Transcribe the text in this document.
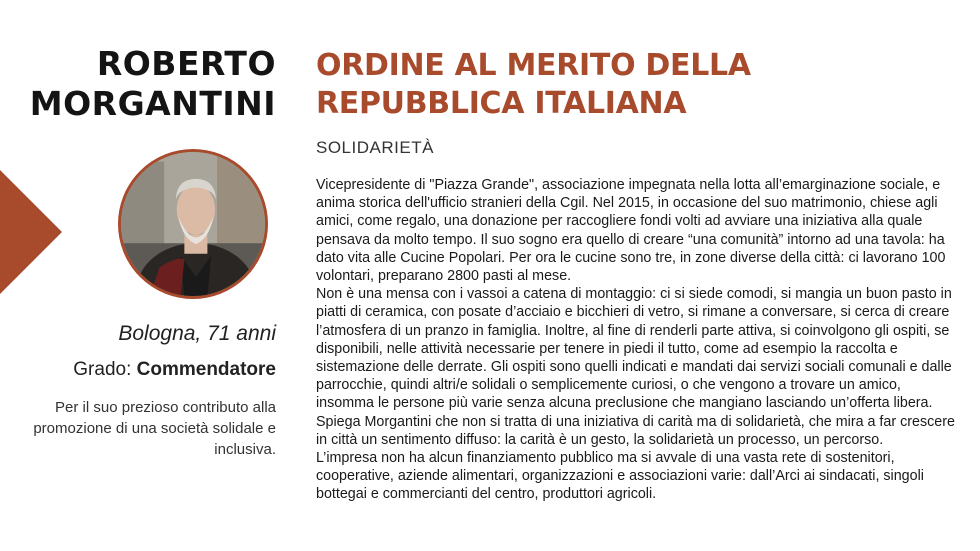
ROBERTO
MORGANTINI
Bologna, 71 anni
Grado: Commendatore
Per il suo prezioso contributo alla promozione di una società solidale e inclusiva.
ORDINE AL MERITO DELLA REPUBBLICA ITALIANA
SOLIDARIETÀ

Vicepresidente di "Piazza Grande", associazione impegnata nella lotta all’emarginazione sociale, e anima storica dell'ufficio stranieri della Cgil. Nel 2015, in occasione del suo matrimonio, chiese agli amici, come regalo, una donazione per raccogliere fondi volti ad avviare una iniziativa alla quale pensava da molto tempo. Il suo sogno era quello di creare “una comunità” intorno ad una tavola: ha dato vita alle Cucine Popolari. Per ora le cucine sono tre, in zone diverse della città: ci lavorano 100 volontari, preparano 2800 pasti al mese.

Non è una mensa con i vassoi a catena di montaggio: ci si siede comodi, si mangia un buon pasto in piatti di ceramica, con posate d’acciaio e bicchieri di vetro, si rimane a conversare, si cerca di creare l’atmosfera di un pranzo in famiglia. Inoltre, al fine di renderli parte attiva, si coinvolgono gli ospiti, se disponibili, nelle attività necessarie per tenere in piedi il tutto, come ad esempio la raccolta e sistemazione delle derrate. Gli ospiti sono quelli indicati e mandati dai servizi sociali comunali e dalle parrocchie, quindi altri/e solidali o semplicemente curiosi, o che vengono a trovare un amico, insomma le persone più varie senza alcuna preclusione che mangiano lasciando un’offerta libera. Spiega Morgantini che non si tratta di una iniziativa di carità ma di solidarietà, che mira a far crescere in città un sentimento diffuso: la carità è un gesto, la solidarietà un processo, un percorso.

L’impresa non ha alcun finanziamento pubblico ma si avvale di una vasta rete di sostenitori, cooperative, aziende alimentari, organizzazioni e associazioni varie: dall’Arci ai sindacati, singoli bottegai e commercianti del centro, produttori agricoli.
